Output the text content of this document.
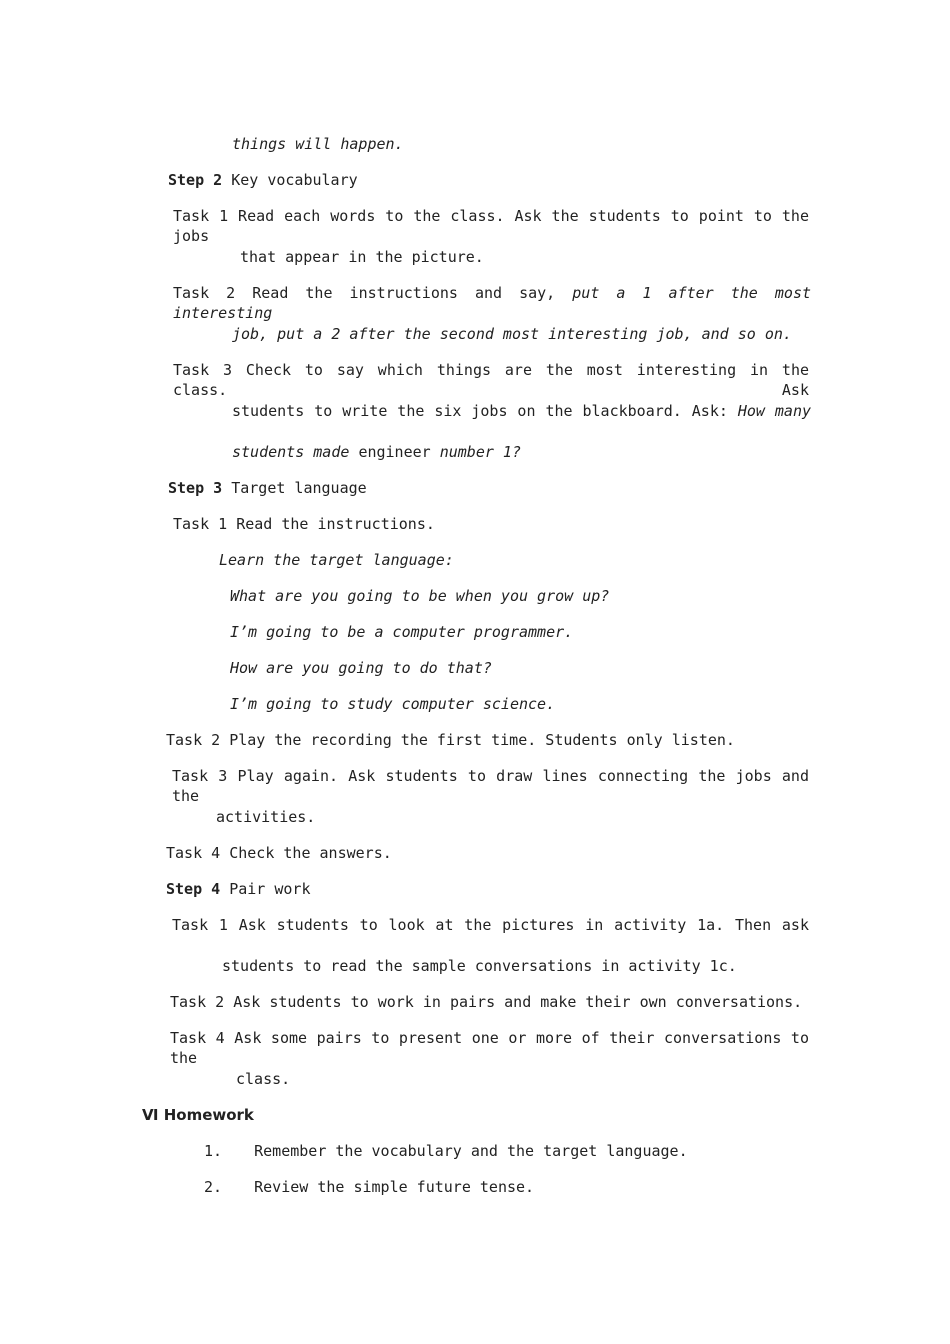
things will happen.
Step 2 Key vocabulary
Task 1 Read each words to the class. Ask the students to point to the jobs
that appear in the picture.
Task 2 Read the instructions and say, put a 1 after the most interesting
job, put a 2 after the second most interesting job, and so on.
Task 3 Check to say which things are the most interesting in the class. Ask
students to write the six jobs on the blackboard. Ask: How many
students made engineer number 1?
Step 3 Target language
Task 1 Read the instructions.
Learn the target language:
What are you going to be when you grow up?
I’m going to be a computer programmer.
How are you going to do that?
I’m going to study computer science.
Task 2 Play the recording the first time. Students only listen.
Task 3 Play again. Ask students to draw lines connecting the jobs and the
activities.
Task 4 Check the answers.
Step 4 Pair work
Task 1 Ask students to look at the pictures in activity 1a. Then ask
students to read the sample conversations in activity 1c.
Task 2 Ask students to work in pairs and make their own conversations.
Task 4 Ask some pairs to present one or more of their conversations to the
class.
Ⅵ Homework
1. Remember the vocabulary and the target language.
2. Review the simple future tense.
